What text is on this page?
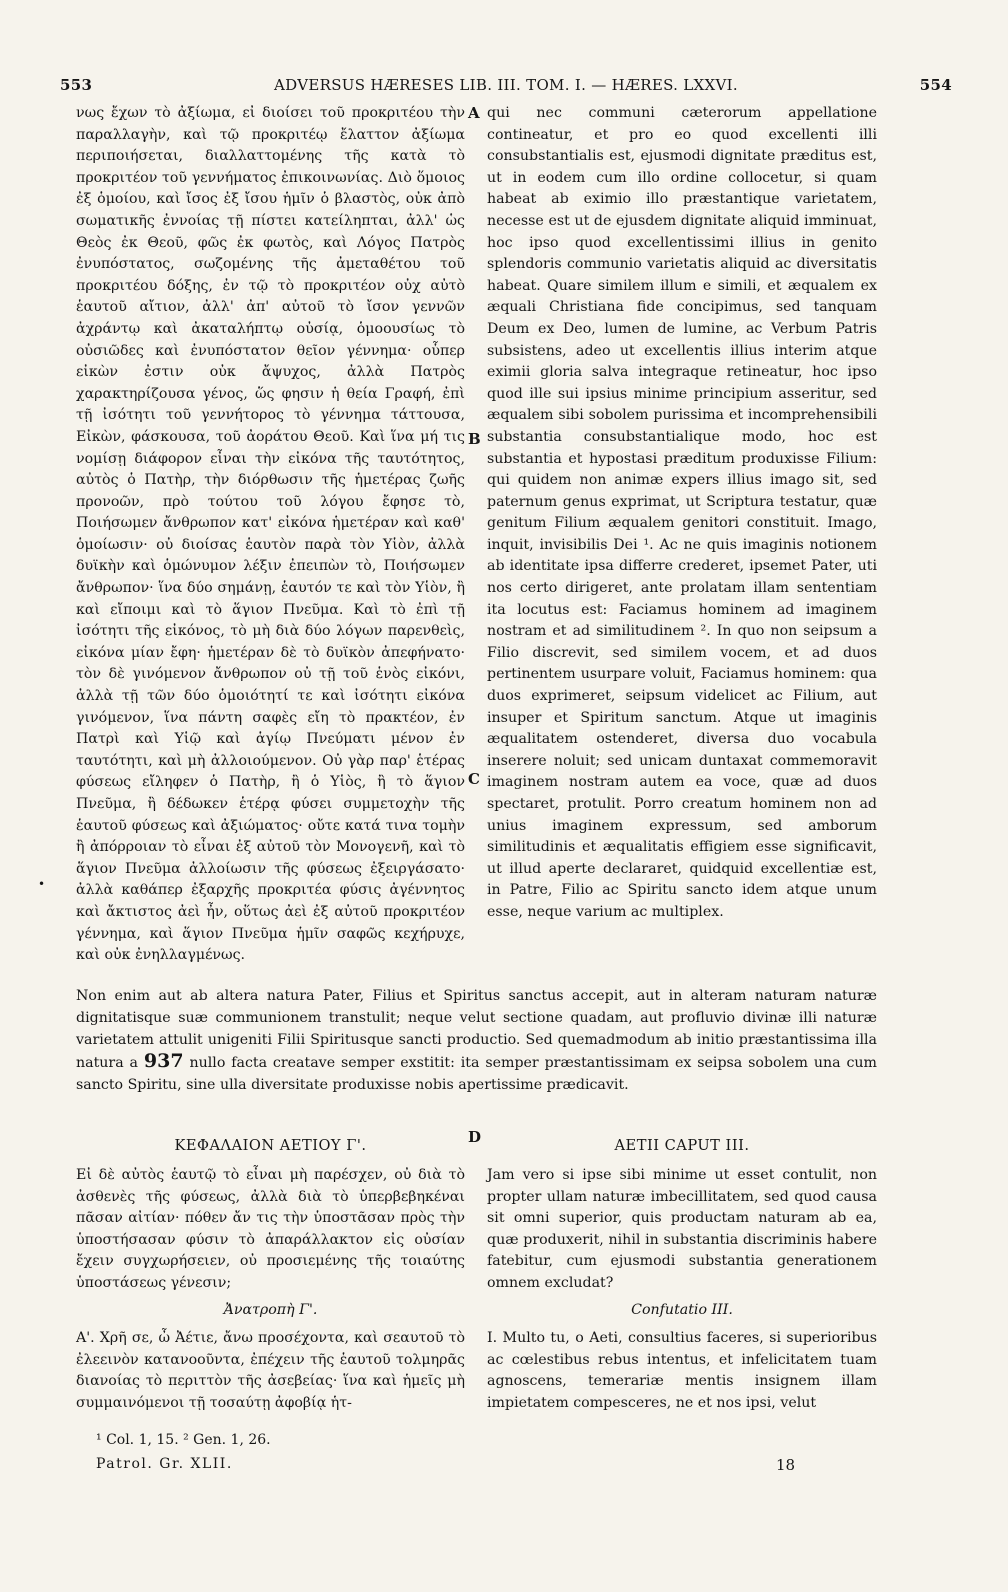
553	ADVERSUS HÆRESES LIB. III. TOM. I. — HÆRES. LXXVI.	554
A
B
C
D
•

νως ἔχων τὸ ἀξίωμα, εἰ διοίσει τοῦ προκριτέου τὴν παραλλαγὴν, καὶ τῷ προκριτέῳ ἔλαττον ἀξίωμα περιποιήσεται, διαλλαττομένης τῆς κατὰ τὸ προκριτέον τοῦ γεννήματος ἐπικοινωνίας. Διὸ ὅμοιος ἐξ ὁμοίου, καὶ ἴσος ἐξ ἴσου ἡμῖν ὁ βλαστὸς, οὐκ ἀπὸ σωματικῆς ἐννοίας τῇ πίστει κατείληπται, ἀλλ' ὡς Θεὸς ἐκ Θεοῦ, φῶς ἐκ φωτὸς, καὶ Λόγος Πατρὸς ἐνυπόστατος, σωζομένης τῆς ἀμεταθέτου τοῦ προκριτέου δόξης, ἐν τῷ τὸ προκριτέον οὐχ αὐτὸ ἑαυτοῦ αἴτιον, ἀλλ' ἀπ' αὐτοῦ τὸ ἴσον γεννῶν ἀχράντῳ καὶ ἀκαταλήπτῳ οὐσίᾳ, ὁμοουσίως τὸ οὐσιῶδες καὶ ἐνυπόστατον θεῖον γέννημα· οὗπερ εἰκὼν ἐστιν οὐκ ἄψυχος, ἀλλὰ Πατρὸς χαρακτηρίζουσα γένος, ὥς φησιν ἡ θεία Γραφή, ἐπὶ τῇ ἰσότητι τοῦ γεννήτορος τὸ γέννημα τάττουσα, Εἰκὼν, φάσκουσα, τοῦ ἀοράτου Θεοῦ. Καὶ ἵνα μή τις νομίσῃ διάφορον εἶναι τὴν εἰκόνα τῆς ταυτότητος, αὐτὸς ὁ Πατὴρ, τὴν διόρθωσιν τῆς ἡμετέρας ζωῆς προνοῶν, πρὸ τούτου τοῦ λόγου ἔφησε τὸ, Ποιήσωμεν ἄνθρωπον κατ' εἰκόνα ἡμετέραν καὶ καθ' ὁμοίωσιν· οὐ διοίσας ἑαυτὸν παρὰ τὸν Υἱὸν, ἀλλὰ δυϊκὴν καὶ ὁμώνυμον λέξιν ἐπειπὼν τὸ, Ποιήσωμεν ἄνθρωπον· ἵνα δύο σημάνῃ, ἑαυτόν τε καὶ τὸν Υἱὸν, ἢ καὶ εἴποιμι καὶ τὸ ἅγιον Πνεῦμα. Καὶ τὸ ἐπὶ τῇ ἰσότητι τῆς εἰκόνος, τὸ μὴ διὰ δύο λόγων παρενθεὶς, εἰκόνα μίαν ἔφη· ἡμετέραν δὲ τὸ δυϊκὸν ἀπεφήνατο· τὸν δὲ γινόμενον ἄνθρωπον οὐ τῇ τοῦ ἑνὸς εἰκόνι, ἀλλὰ τῇ τῶν δύο ὁμοιότητί τε καὶ ἰσότητι εἰκόνα γινόμενον, ἵνα πάντη σαφὲς εἴη τὸ πρακτέον, ἐν Πατρὶ καὶ Υἱῷ καὶ ἁγίῳ Πνεύματι μένον ἐν ταυτότητι, καὶ μὴ ἀλλοιούμενον. Οὐ γὰρ παρ' ἑτέρας φύσεως εἴληφεν ὁ Πατὴρ, ἢ ὁ Υἱὸς, ἢ τὸ ἅγιον Πνεῦμα, ἢ δέδωκεν ἑτέρᾳ φύσει συμμετοχὴν τῆς ἑαυτοῦ φύσεως καὶ ἀξιώματος· οὔτε κατά τινα τομὴν ἢ ἀπόρροιαν τὸ εἶναι ἐξ αὐτοῦ τὸν Μονογενῆ, καὶ τὸ ἅγιον Πνεῦμα ἀλλοίωσιν τῆς φύσεως ἐξειργάσατο· ἀλλὰ καθάπερ ἐξαρχῆς προκριτέα φύσις ἀγέννητος καὶ ἄκτιστος ἀεὶ ἦν, οὕτως ἀεὶ ἐξ αὐτοῦ προκριτέον γέννημα, καὶ ἅγιον Πνεῦμα ἡμῖν σαφῶς κεχήρυχε, καὶ οὐκ ἐνηλλαγμένως.

qui nec communi cæterorum appellatione contineatur, et pro eo quod excellenti illi consubstantialis est, ejusmodi dignitate præditus est, ut in eodem cum illo ordine collocetur, si quam habeat ab eximio illo præstantique varietatem, necesse est ut de ejusdem dignitate aliquid imminuat, hoc ipso quod excellentissimi illius in genito splendoris communio varietatis aliquid ac diversitatis habeat. Quare similem illum e simili, et æqualem ex æquali Christiana fide concipimus, sed tanquam Deum ex Deo, lumen de lumine, ac Verbum Patris subsistens, adeo ut excellentis illius interim atque eximii gloria salva integraque retineatur, hoc ipso quod ille sui ipsius minime principium asseritur, sed æqualem sibi sobolem purissima et incomprehensibili substantia consubstantialique modo, hoc est substantia et hypostasi præditum produxisse Filium: qui quidem non animæ expers illius imago sit, sed paternum genus exprimat, ut Scriptura testatur, quæ genitum Filium æqualem genitori constituit. Imago, inquit, invisibilis Dei ¹. Ac ne quis imaginis notionem ab identitate ipsa differre crederet, ipsemet Pater, uti nos certo dirigeret, ante prolatam illam sententiam ita locutus est: Faciamus hominem ad imaginem nostram et ad similitudinem ². In quo non seipsum a Filio discrevit, sed similem vocem, et ad duos pertinentem usurpare voluit, Faciamus hominem: qua duos exprimeret, seipsum videlicet ac Filium, aut insuper et Spiritum sanctum. Atque ut imaginis æqualitatem ostenderet, diversa duo vocabula inserere noluit; sed unicam duntaxat commemoravit imaginem nostram autem ea voce, quæ ad duos spectaret, protulit. Porro creatum hominem non ad unius imaginem expressum, sed amborum similitudinis et æqualitatis effigiem esse significavit, ut illud aperte declararet, quidquid excellentiæ est, in Patre, Filio ac Spiritu sancto idem atque unum esse, neque varium ac multiplex.

Non enim aut ab altera natura Pater, Filius et Spiritus sanctus accepit, aut in alteram naturam naturæ dignitatisque suæ communionem transtulit; neque velut sectione quadam, aut profluvio divinæ illi naturæ varietatem attulit unigeniti Filii Spiritusque sancti productio. Sed quemadmodum ab initio præstantissima illa natura a 937 nullo facta creatave semper exstitit: ita semper præstantissimam ex seipsa sobolem una cum sancto Spiritu, sine ulla diversitate produxisse nobis apertissime prædicavit.
ΚΕΦΑΛΑΙΟΝ ΑΕΤΙΟΥ Γ'.	AETII CAPUT III.

Εἰ δὲ αὐτὸς ἑαυτῷ τὸ εἶναι μὴ παρέσχεν, οὐ διὰ τὸ ἀσθενὲς τῆς φύσεως, ἀλλὰ διὰ τὸ ὑπερβεβηκέναι πᾶσαν αἰτίαν· πόθεν ἄν τις τὴν ὑποστᾶσαν πρὸς τὴν ὑποστήσασαν φύσιν τὸ ἀπαράλλακτον εἰς οὐσίαν ἔχειν συγχωρήσειεν, οὐ προσιεμένης τῆς τοιαύτης ὑποστάσεως γένεσιν;

Jam vero si ipse sibi minime ut esset contulit, non propter ullam naturæ imbecillitatem, sed quod causa sit omni superior, quis productam naturam ab ea, quæ produxerit, nihil in substantia discriminis habere fatebitur, cum ejusmodi substantia generationem omnem excludat?

Ἀνατροπὴ Γ'.	Confutatio III.

Α'. Χρῆ σε, ὦ Ἀέτιε, ἄνω προσέχοντα, καὶ σεαυτοῦ τὸ ἐλεεινὸν κατανοοῦντα, ἐπέχειν τῆς ἑαυτοῦ τολμηρᾶς διανοίας τὸ περιττὸν τῆς ἀσεβείας· ἵνα καὶ ἡμεῖς μὴ συμμαινόμενοι τῇ τοσαύτῃ ἀφοβίᾳ ἡτ-

I. Multo tu, o Aeti, consultius faceres, si superioribus ac cœlestibus rebus intentus, et infelicitatem tuam agnoscens, temerariæ mentis insignem illam impietatem compesceres, ne et nos ipsi, velut

¹ Col. 1, 15. ² Gen. 1, 26.
Patrol. Gr. XLII.	18
